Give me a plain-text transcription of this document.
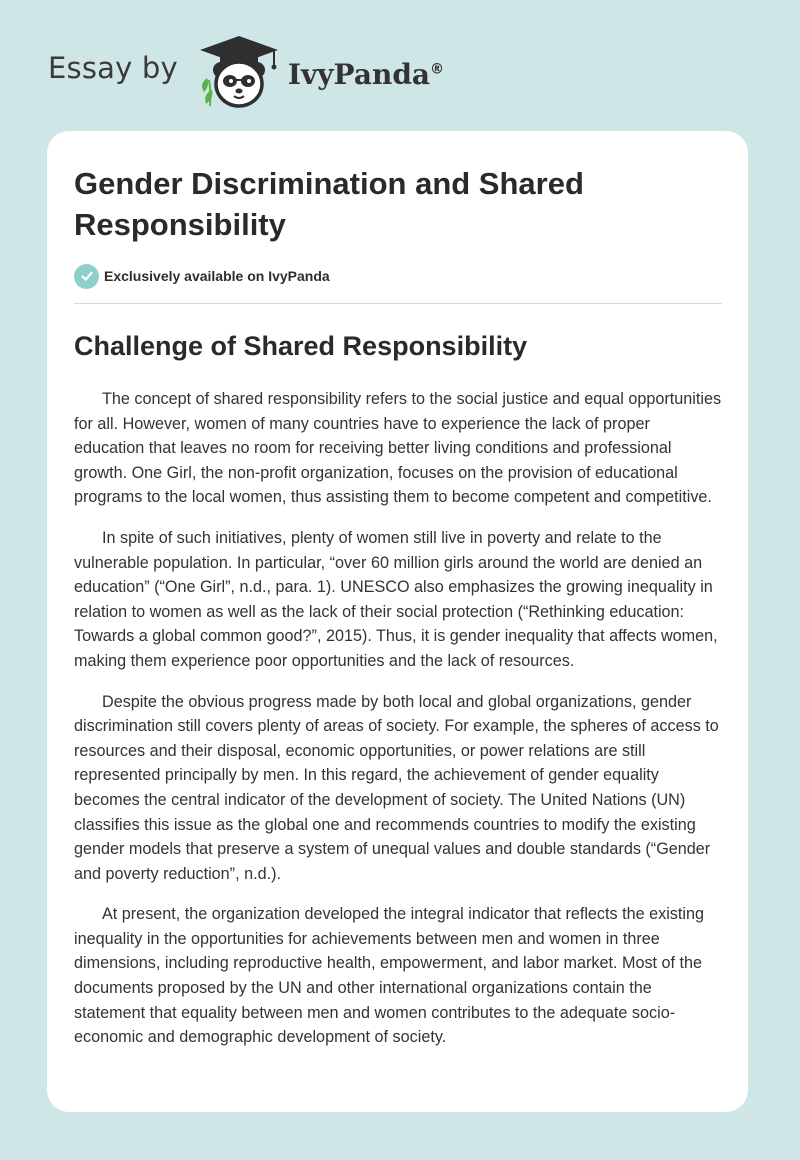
Essay by	IvyPanda®
Gender Discrimination and Shared Responsibility
Exclusively available on IvyPanda
Challenge of Shared Responsibility

The concept of shared responsibility refers to the social justice and equal opportunities for all. However, women of many countries have to experience the lack of proper education that leaves no room for receiving better living conditions and professional growth. One Girl, the non-profit organization, focuses on the provision of educational programs to the local women, thus assisting them to become competent and competitive.

In spite of such initiatives, plenty of women still live in poverty and relate to the vulnerable population. In particular, “over 60 million girls around the world are denied an education” (“One Girl”, n.d., para. 1). UNESCO also emphasizes the growing inequality in relation to women as well as the lack of their social protection (“Rethinking education: Towards a global common good?”, 2015). Thus, it is gender inequality that affects women, making them experience poor opportunities and the lack of resources.

Despite the obvious progress made by both local and global organizations, gender discrimination still covers plenty of areas of society. For example, the spheres of access to resources and their disposal, economic opportunities, or power relations are still represented principally by men. In this regard, the achievement of gender equality becomes the central indicator of the development of society. The United Nations (UN) classifies this issue as the global one and recommends countries to modify the existing gender models that preserve a system of unequal values and double standards (“Gender and poverty reduction”, n.d.).

At present, the organization developed the integral indicator that reflects the existing inequality in the opportunities for achievements between men and women in three dimensions, including reproductive health, empowerment, and labor market. Most of the documents proposed by the UN and other international organizations contain the statement that equality between men and women contributes to the adequate socio-economic and demographic development of society.
